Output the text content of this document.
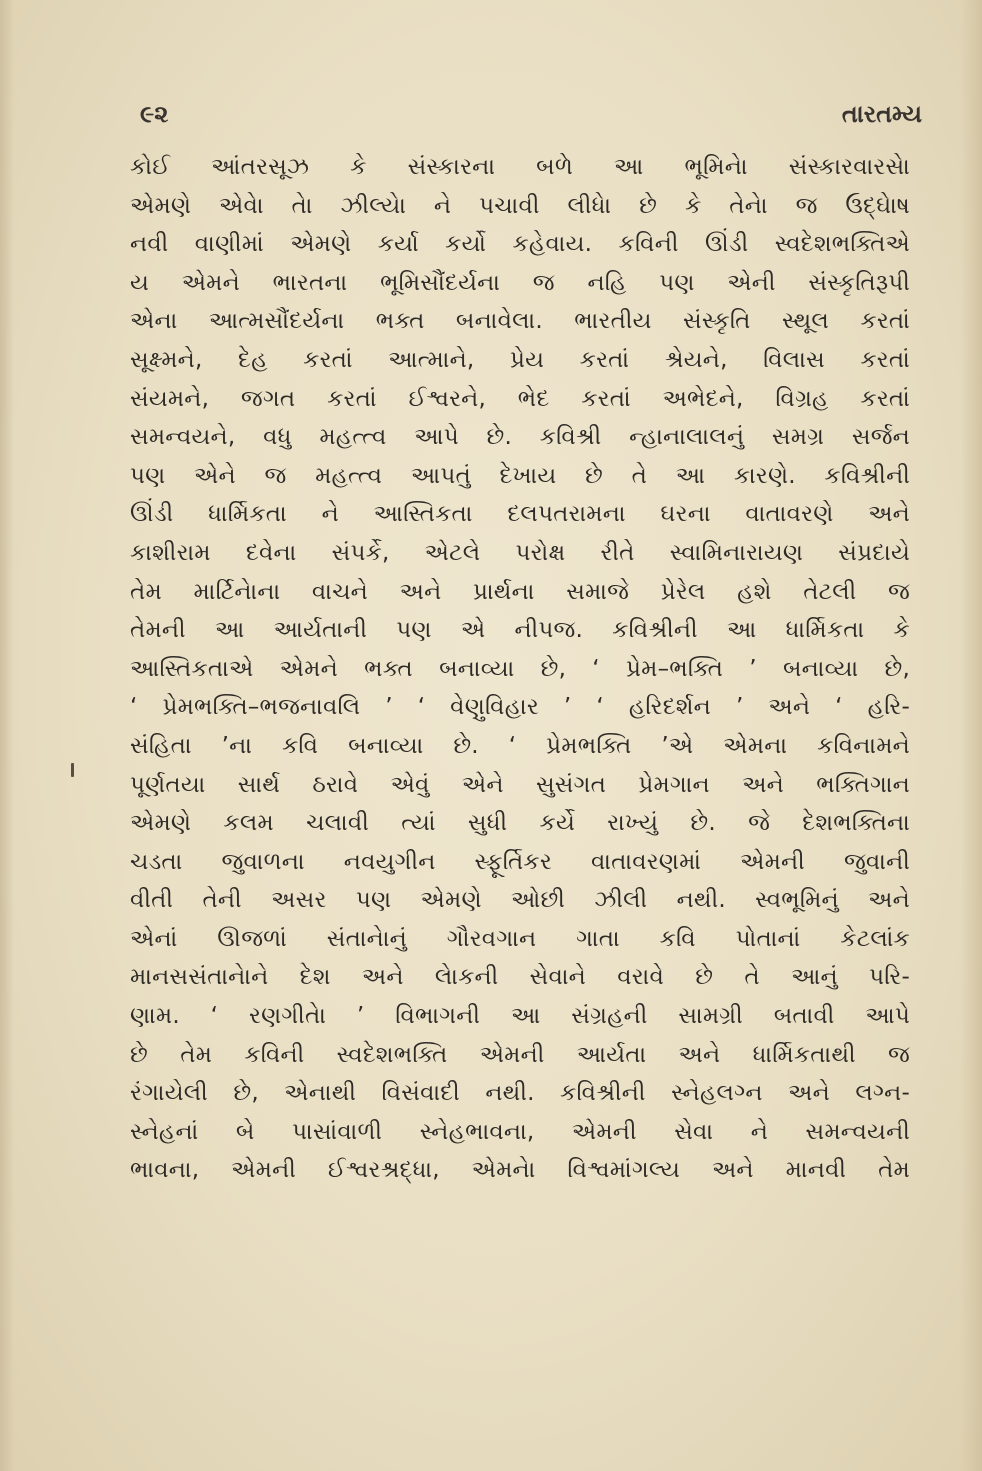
૯૨	તારતમ્ય
કોઈ આંતરસૂઝ કે સંસ્કારના બળે આ ભૂમિનેા સંસ્કારવારસેા
એમણે એવેા તેા ઝીલ્યેા ને પચાવી લીધેા છે કે તેનેા જ ઉદ્ઘેાષ
નવી વાણીમાં એમણે કર્યા કર્યો કહેવાય. કવિની ઊંડી સ્વદેશભક્તિએ
ય એમને ભારતના ભૂમિસૌંદર્યના જ નહિ પણ એની સંસ્કૃતિરૂપી
એના આત્મસૌંદર્યના ભક્ત બનાવેલા. ભારતીય સંસ્કૃતિ સ્થૂલ કરતાં
સૂક્ષ્મને, દેહ કરતાં આત્માને, પ્રેય કરતાં શ્રેયને, વિલાસ કરતાં
સંયમને, જગત કરતાં ઈશ્વરને, ભેદ કરતાં અભેદને, વિગ્રહ કરતાં
સમન્વયને, વધુ મહત્ત્વ આપે છે. કવિશ્રી ન્હાનાલાલનું સમગ્ર સર્જન
પણ એને જ મહત્ત્વ આપતું દેખાય છે તે આ કારણે. કવિશ્રીની
ઊંડી ધાર્મિકતા ને આસ્તિકતા દલપતરામના ઘરના વાતાવરણે અને
કાશીરામ દવેના સંપર્કે, એટલે પરોક્ષ રીતે સ્વામિનારાયણ સંપ્રદાયે
તેમ માર્ટિનેાના વાચને અને પ્રાર્થના સમાજે પ્રેરેલ હશે તેટલી જ
તેમની આ આર્યતાની પણ એ નીપજ. કવિશ્રીની આ ધાર્મિકતા કે
આસ્તિકતાએ એમને ભક્ત બનાવ્યા છે, ‘ પ્રેમ–ભક્તિ ’ બનાવ્યા છે,
‘ પ્રેમભક્તિ–ભજનાવલિ ’ ‘ વેણુવિહાર ’ ‘ હરિદર્શન ’ અને ‘ હરિ-
સંહિતા ’ના કવિ બનાવ્યા છે. ‘ પ્રેમભક્તિ ’એ એમના કવિનામને
પૂર્ણતયા સાર્થ ઠરાવે એવું એને સુસંગત પ્રેમગાન અને ભક્તિગાન
એમણે કલમ ચલાવી ત્યાં સુધી કર્યે રાખ્યું છે. જે દેશભક્તિના
ચડતા જુવાળના નવયુગીન સ્ફૂર્તિકર વાતાવરણમાં એમની જુવાની
વીતી તેની અસર પણ એમણે ઓછી ઝીલી નથી. સ્વભૂમિનું અને
એનાં ઊજળાં સંતાનેાનું ગૌરવગાન ગાતા કવિ પોતાનાં કેટલાંક
માનસસંતાનેાને દેશ અને લેાકની સેવાને વરાવે છે તે આનું પરિ-
ણામ. ‘ રણગીતેા ’ વિભાગની આ સંગ્રહની સામગ્રી બતાવી આપે
છે તેમ કવિની સ્વદેશભક્તિ એમની આર્યતા અને ધાર્મિકતાથી જ
રંગાયેલી છે, એનાથી વિસંવાદી નથી. કવિશ્રીની સ્નેહલગ્ન અને લગ્ન-
સ્નેહનાં બે પાસાંવાળી સ્નેહભાવના, એમની સેવા ને સમન્વયની
ભાવના, એમની ઈશ્વરશ્રદ્ધા, એમનેા વિશ્વમાંગલ્ય અને માનવી તેમ
